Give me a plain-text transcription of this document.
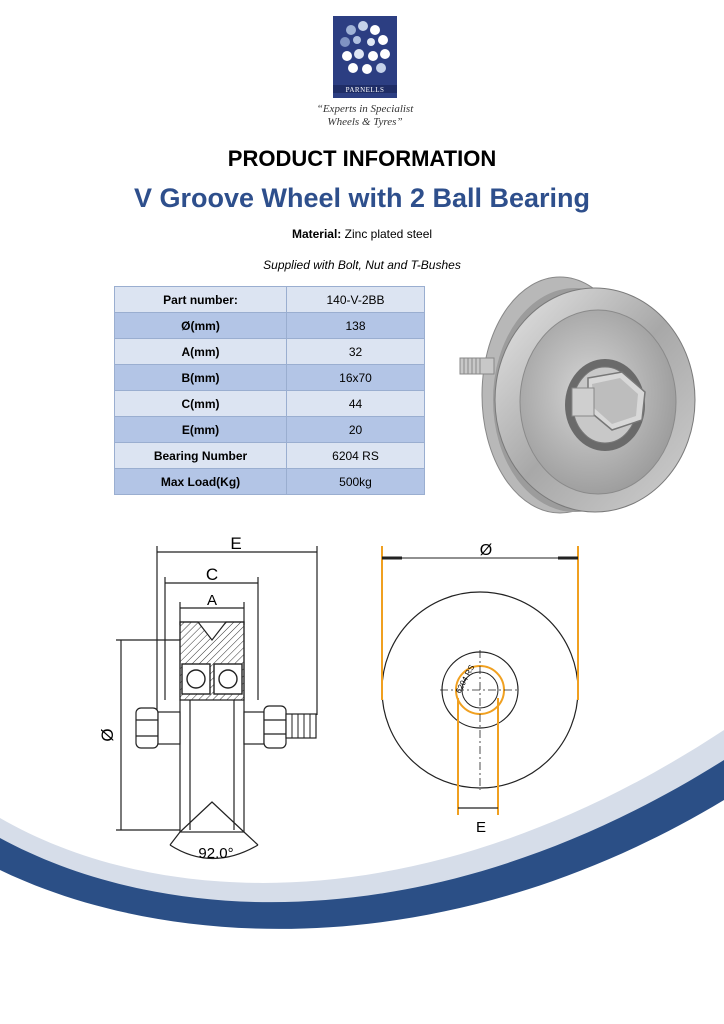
PARNELLS
“Experts in Specialist
Wheels & Tyres”
PRODUCT INFORMATION
V Groove Wheel with 2 Ball Bearing
Material: Zinc plated steel
Supplied with Bolt, Nut and T-Bushes
Part number:	140-V-2BB
Ø(mm)	138
A(mm)	32
B(mm)	16x70
C(mm)	44
E(mm)	20
Bearing Number	6204 RS
Max Load(Kg)	500kg
E
C
A
Ø
92.0°
Ø
6204 RS
E
